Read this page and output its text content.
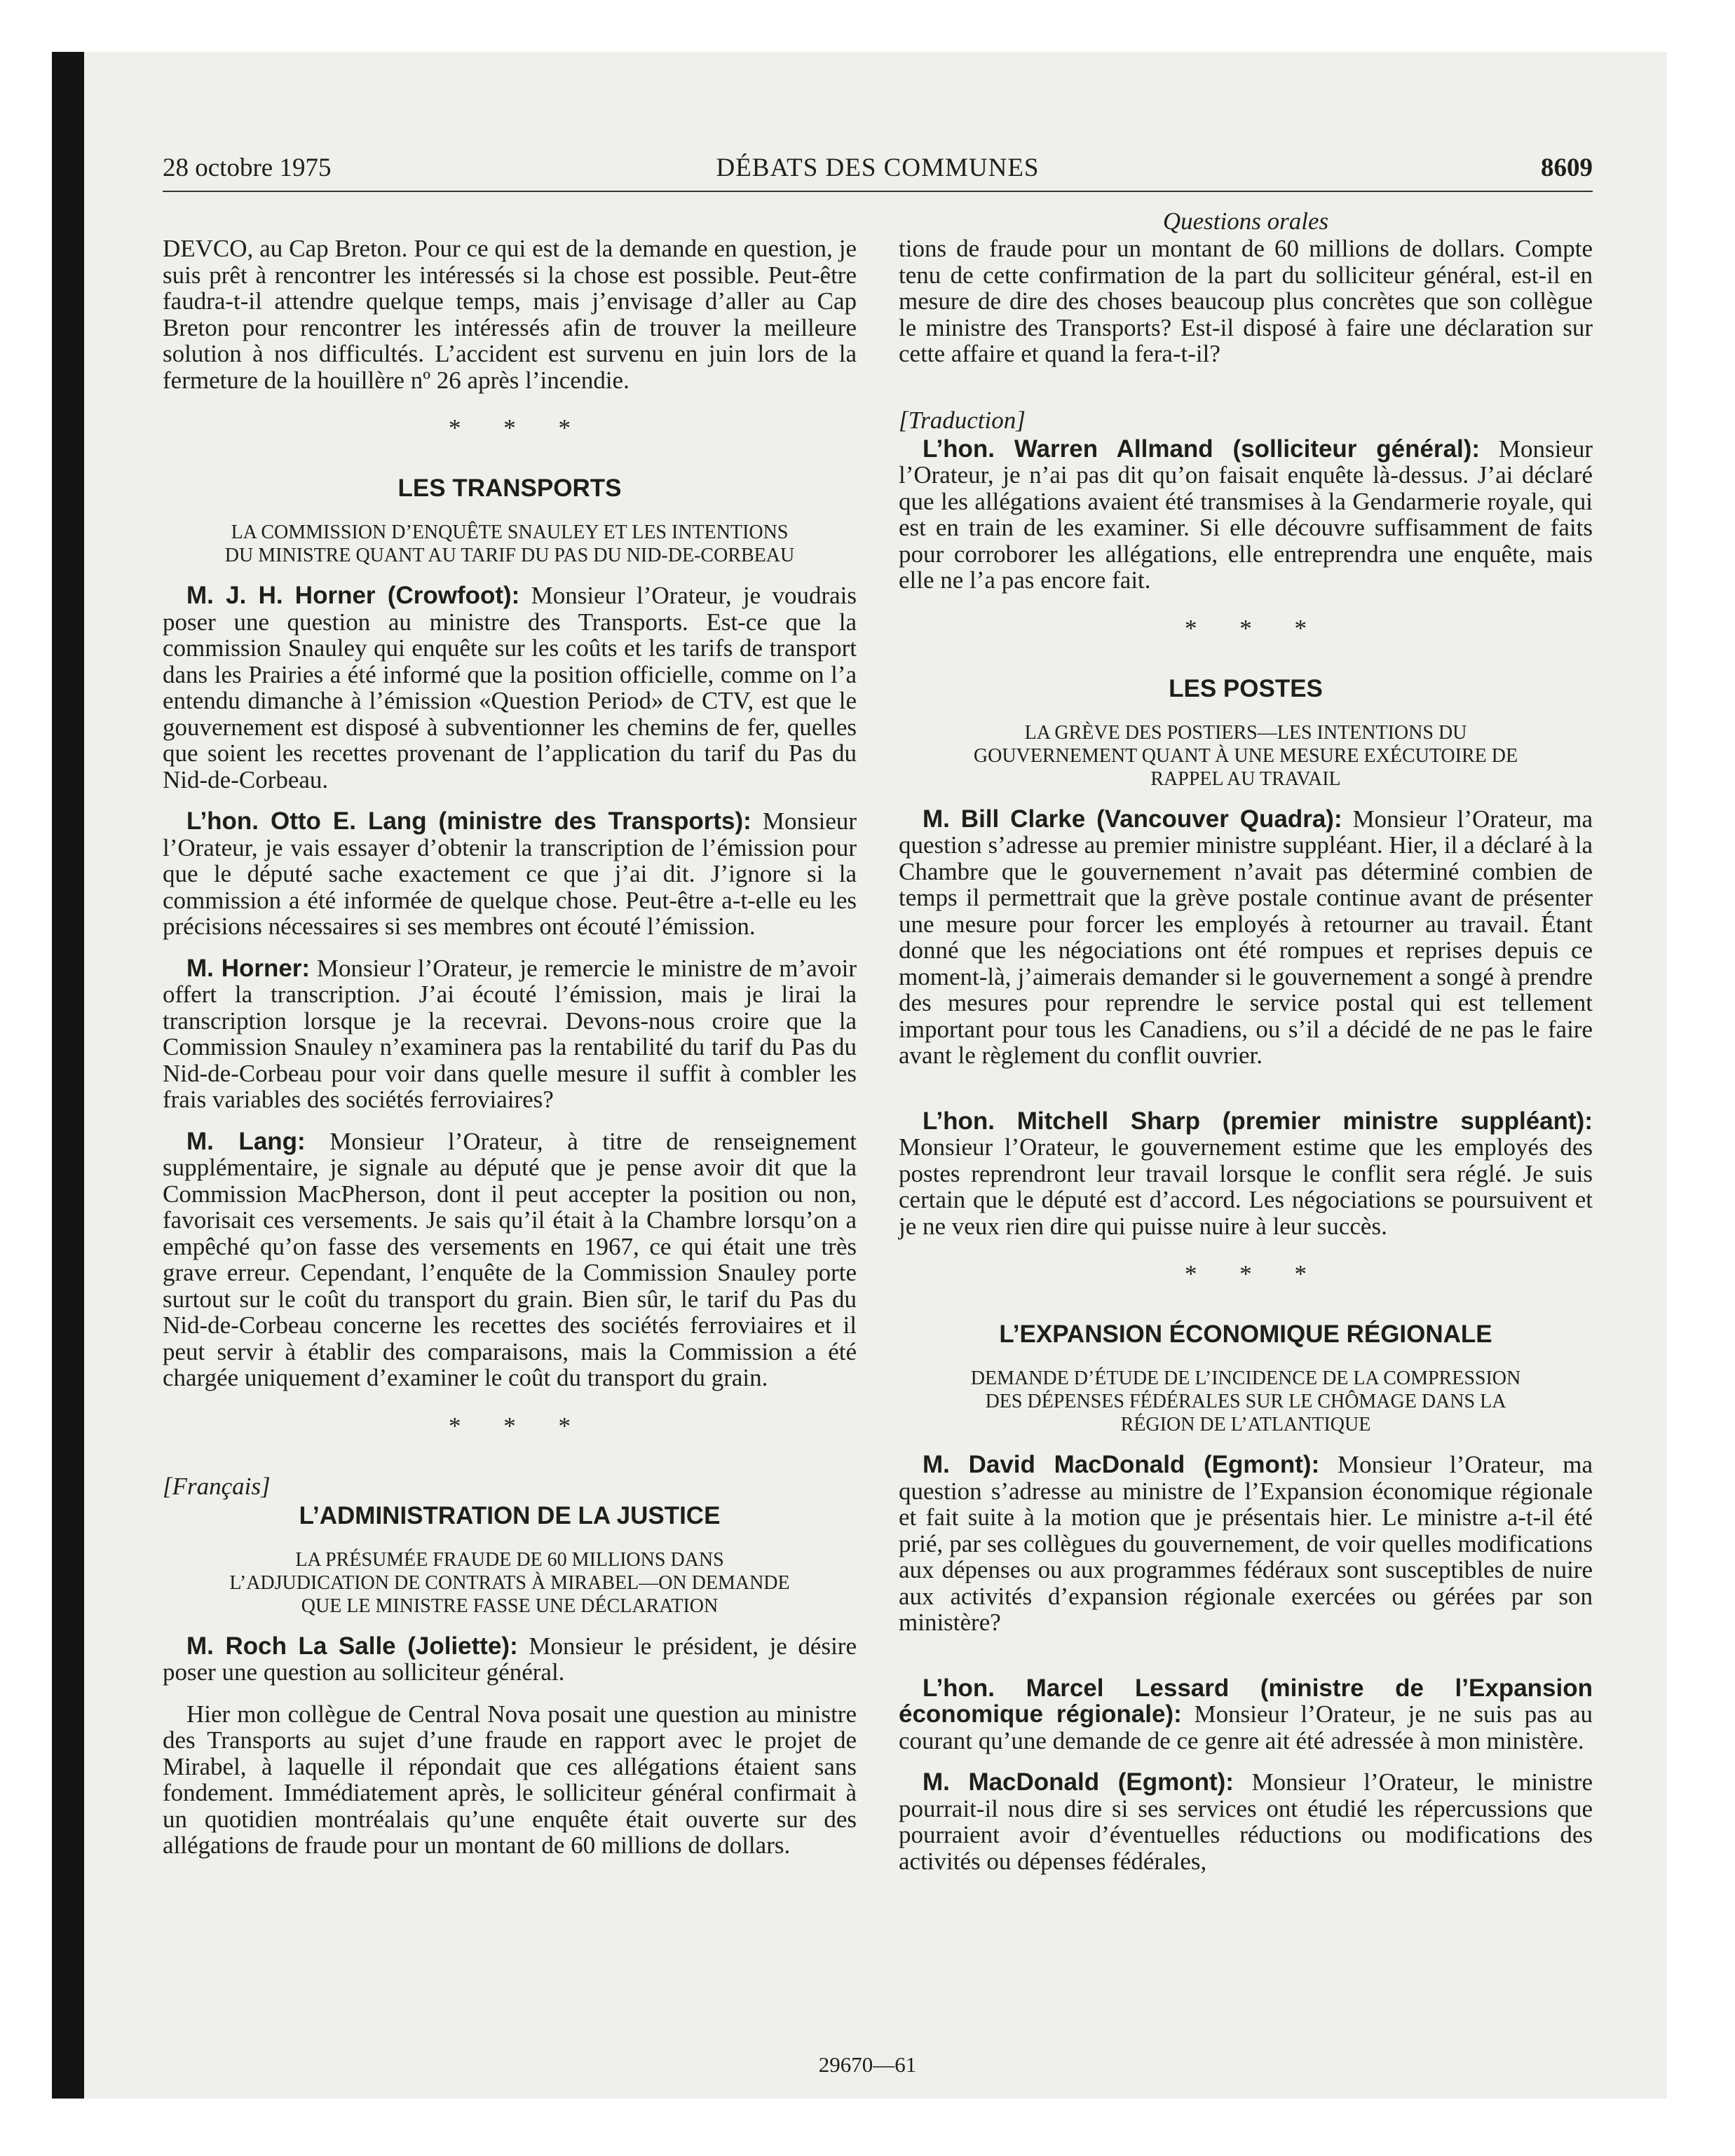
28 octobre 1975	DÉBATS DES COMMUNES	8609
Questions orales

DEVCO, au Cap Breton. Pour ce qui est de la demande en question, je suis prêt à rencontrer les intéressés si la chose est possible. Peut-être faudra-t-il attendre quelque temps, mais j’envisage d’aller au Cap Breton pour rencontrer les intéressés afin de trouver la meilleure solution à nos difficultés. L’accident est survenu en juin lors de la fermeture de la houillère nº 26 après l’incendie.

* * *
LES TRANSPORTS
LA COMMISSION D’ENQUÊTE SNAULEY ET LES INTENTIONS
DU MINISTRE QUANT AU TARIF DU PAS DU NID-DE-CORBEAU

M. J. H. Horner (Crowfoot): Monsieur l’Orateur, je voudrais poser une question au ministre des Transports. Est-ce que la commission Snauley qui enquête sur les coûts et les tarifs de transport dans les Prairies a été informé que la position officielle, comme on l’a entendu dimanche à l’émission «Question Period» de CTV, est que le gouvernement est disposé à subventionner les chemins de fer, quelles que soient les recettes provenant de l’application du tarif du Pas du Nid-de-Corbeau.

L’hon. Otto E. Lang (ministre des Transports): Monsieur l’Orateur, je vais essayer d’obtenir la transcription de l’émission pour que le député sache exactement ce que j’ai dit. J’ignore si la commission a été informée de quelque chose. Peut-être a-t-elle eu les précisions nécessaires si ses membres ont écouté l’émission.

M. Horner: Monsieur l’Orateur, je remercie le ministre de m’avoir offert la transcription. J’ai écouté l’émission, mais je lirai la transcription lorsque je la recevrai. Devons-nous croire que la Commission Snauley n’examinera pas la rentabilité du tarif du Pas du Nid-de-Corbeau pour voir dans quelle mesure il suffit à combler les frais variables des sociétés ferroviaires?

M. Lang: Monsieur l’Orateur, à titre de renseignement supplémentaire, je signale au député que je pense avoir dit que la Commission MacPherson, dont il peut accepter la position ou non, favorisait ces versements. Je sais qu’il était à la Chambre lorsqu’on a empêché qu’on fasse des versements en 1967, ce qui était une très grave erreur. Cependant, l’enquête de la Commission Snauley porte surtout sur le coût du transport du grain. Bien sûr, le tarif du Pas du Nid-de-Corbeau concerne les recettes des sociétés ferroviaires et il peut servir à établir des comparaisons, mais la Commission a été chargée uniquement d’examiner le coût du transport du grain.

* * *
[Français]
L’ADMINISTRATION DE LA JUSTICE
LA PRÉSUMÉE FRAUDE DE 60 MILLIONS DANS
L’ADJUDICATION DE CONTRATS À MIRABEL—ON DEMANDE
QUE LE MINISTRE FASSE UNE DÉCLARATION

M. Roch La Salle (Joliette): Monsieur le président, je désire poser une question au solliciteur général.

Hier mon collègue de Central Nova posait une question au ministre des Transports au sujet d’une fraude en rapport avec le projet de Mirabel, à laquelle il répondait que ces allégations étaient sans fondement. Immédiatement après, le solliciteur général confirmait à un quotidien montréalais qu’une enquête était ouverte sur des allégations de fraude pour un montant de 60 millions de dollars.

tions de fraude pour un montant de 60 millions de dollars. Compte tenu de cette confirmation de la part du solliciteur général, est-il en mesure de dire des choses beaucoup plus concrètes que son collègue le ministre des Transports? Est-il disposé à faire une déclaration sur cette affaire et quand la fera-t-il?

[Traduction]

L’hon. Warren Allmand (solliciteur général): Monsieur l’Orateur, je n’ai pas dit qu’on faisait enquête là-dessus. J’ai déclaré que les allégations avaient été transmises à la Gendarmerie royale, qui est en train de les examiner. Si elle découvre suffisamment de faits pour corroborer les allégations, elle entreprendra une enquête, mais elle ne l’a pas encore fait.

* * *
LES POSTES
LA GRÈVE DES POSTIERS—LES INTENTIONS DU
GOUVERNEMENT QUANT À UNE MESURE EXÉCUTOIRE DE
RAPPEL AU TRAVAIL

M. Bill Clarke (Vancouver Quadra): Monsieur l’Orateur, ma question s’adresse au premier ministre suppléant. Hier, il a déclaré à la Chambre que le gouvernement n’avait pas déterminé combien de temps il permettrait que la grève postale continue avant de présenter une mesure pour forcer les employés à retourner au travail. Étant donné que les négociations ont été rompues et reprises depuis ce moment-là, j’aimerais demander si le gouvernement a songé à prendre des mesures pour reprendre le service postal qui est tellement important pour tous les Canadiens, ou s’il a décidé de ne pas le faire avant le règlement du conflit ouvrier.

L’hon. Mitchell Sharp (premier ministre suppléant): Monsieur l’Orateur, le gouvernement estime que les employés des postes reprendront leur travail lorsque le conflit sera réglé. Je suis certain que le député est d’accord. Les négociations se poursuivent et je ne veux rien dire qui puisse nuire à leur succès.

* * *
L’EXPANSION ÉCONOMIQUE RÉGIONALE
DEMANDE D’ÉTUDE DE L’INCIDENCE DE LA COMPRESSION
DES DÉPENSES FÉDÉRALES SUR LE CHÔMAGE DANS LA
RÉGION DE L’ATLANTIQUE

M. David MacDonald (Egmont): Monsieur l’Orateur, ma question s’adresse au ministre de l’Expansion économique régionale et fait suite à la motion que je présentais hier. Le ministre a-t-il été prié, par ses collègues du gouvernement, de voir quelles modifications aux dépenses ou aux programmes fédéraux sont susceptibles de nuire aux activités d’expansion régionale exercées ou gérées par son ministère?

L’hon. Marcel Lessard (ministre de l’Expansion économique régionale): Monsieur l’Orateur, je ne suis pas au courant qu’une demande de ce genre ait été adressée à mon ministère.

M. MacDonald (Egmont): Monsieur l’Orateur, le ministre pourrait-il nous dire si ses services ont étudié les répercussions que pourraient avoir d’éventuelles réductions ou modifications des activités ou dépenses fédérales,

29670—61
